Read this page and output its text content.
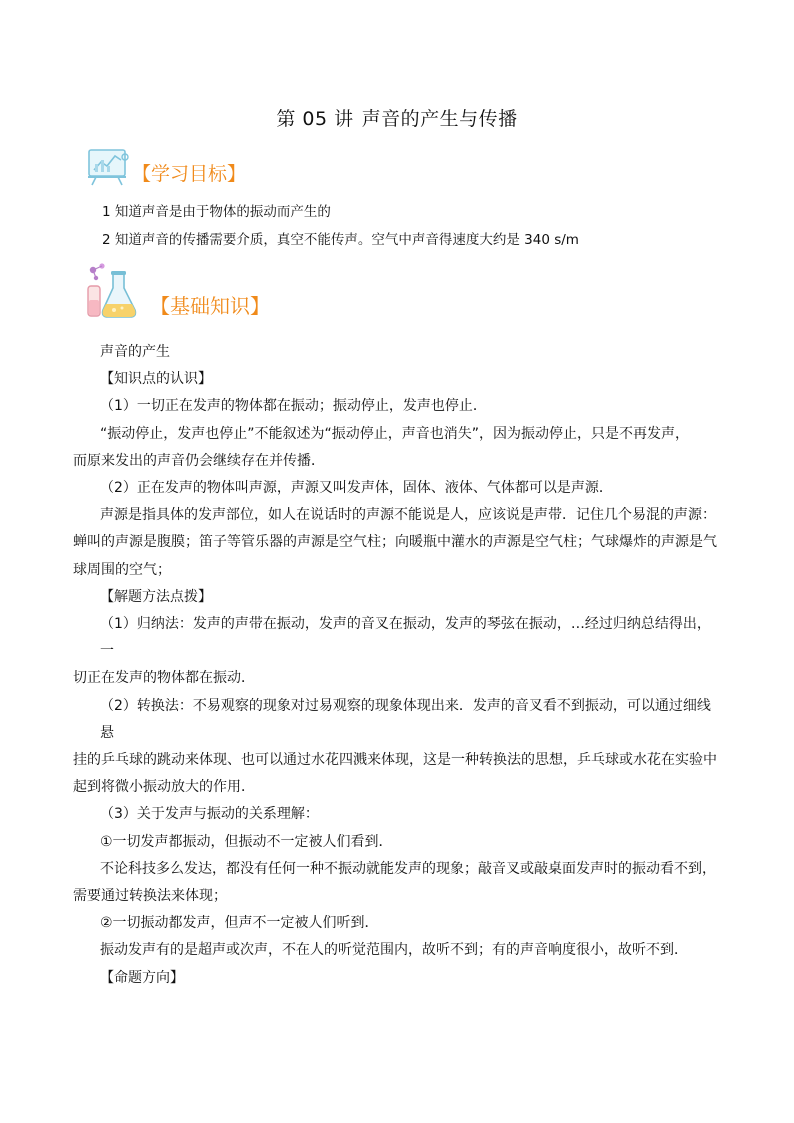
第 05 讲 声音的产生与传播
【学习目标】
1 知道声音是由于物体的振动而产生的
2 知道声音的传播需要介质，真空不能传声。空气中声音得速度大约是 340 s/m
【基础知识】

声音的产生

【知识点的认识】

（1）一切正在发声的物体都在振动；振动停止，发声也停止．

“振动停止，发声也停止”不能叙述为“振动停止，声音也消失”，因为振动停止，只是不再发声，

而原来发出的声音仍会继续存在并传播．

（2）正在发声的物体叫声源，声源又叫发声体，固体、液体、气体都可以是声源．

声源是指具体的发声部位，如人在说话时的声源不能说是人，应该说是声带．记住几个易混的声源：

蝉叫的声源是腹膜；笛子等管乐器的声源是空气柱；向暖瓶中灌水的声源是空气柱；气球爆炸的声源是气

球周围的空气；

【解题方法点拨】

（1）归纳法：发声的声带在振动，发声的音叉在振动，发声的琴弦在振动，…经过归纳总结得出，一

切正在发声的物体都在振动．

（2）转换法：不易观察的现象对过易观察的现象体现出来．发声的音叉看不到振动，可以通过细线悬

挂的乒乓球的跳动来体现、也可以通过水花四溅来体现，这是一种转换法的思想，乒乓球或水花在实验中

起到将微小振动放大的作用．

（3）关于发声与振动的关系理解：

①一切发声都振动，但振动不一定被人们看到．

不论科技多么发达，都没有任何一种不振动就能发声的现象；敲音叉或敲桌面发声时的振动看不到，

需要通过转换法来体现；

②一切振动都发声，但声不一定被人们听到．

振动发声有的是超声或次声，不在人的听觉范围内，故听不到；有的声音响度很小，故听不到．

【命题方向】
